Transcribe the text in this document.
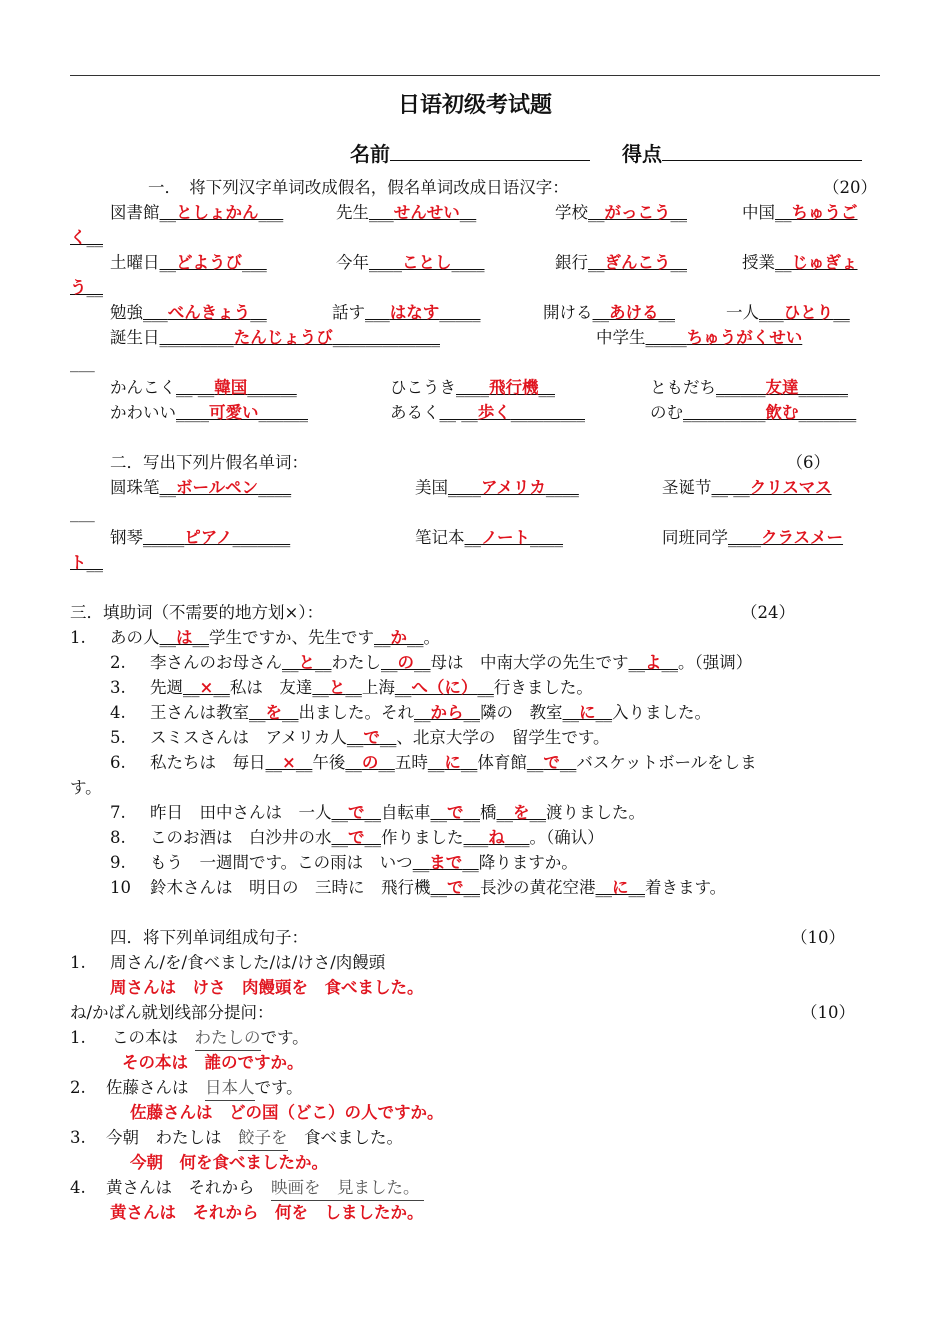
日语初级考试题
名前	得点
一．　将下列汉字单词改成假名，假名单词改成日语汉字：	（20）
図書館__としょかん___	先生___せんせい__	学校__がっこう__	中国__ちゅうご
く__
土曜日__どようび___	今年____ことし____	銀行__ぎんこう__	授業__じゅぎょ
う__
勉強___べんきょう__	話す___はなす_____	開ける__あける__	一人___ひとり__
誕生日_________たんじょうび_____________	中学生_____ちゅうがくせい
___
かんこく__ __韓国______	ひこうき____飛行機__	ともだち______友達______
かわいい____可愛い______	あるく__ __歩く_________	のむ__________飲む_______
二．写出下列片假名单词：	（6）
圆珠笔__ボールペン____	美国____アメリカ____	圣诞节__ __クリスマス
___
钢琴_____ピアノ_______	笔记本__ノート____	同班同学____クラスメー
ト__
三．填助词（不需要的地方划×）：	（24）
1. あの人__は__学生ですか、先生です__か__。
2. 李さんのお母さん__と__わたし__の__母は　中南大学の先生です__よ__。（强调）
3. 先週__×__私は　友達__と__上海__へ（に）__行きました。
4. 王さんは教室__を__出ました。それ__から__隣の　教室__に__入りました。
5. スミスさんは　アメリカ人__で__、北京大学の　留学生です。
6. 私たちは　毎日__×__午後__の__五時__に__体育館__で__バスケットボールをしま
す。
7. 昨日　田中さんは　一人__で__自転車__で__橋__を__渡りました。
8. このお酒は　白沙井の水__で__作りました___ね___。（确认）
9. もう　一週間です。この雨は　いつ__まで__降りますか。
10 鈴木さんは　明日の　三時に　飛行機__で__長沙の黄花空港__に__着きます。
四．将下列单词组成句子：	（10）
1. 周さん/を/食べました/は/けさ/肉饅頭
周さんは　けさ　肉饅頭を　食べました。
ね/かばん就划线部分提问：	（10）
1. この本は　わたしのです。
その本は　誰のですか。
2. 佐藤さんは　日本人です。
佐藤さんは　どの国（どこ）の人ですか。
3. 今朝　わたしは　餃子を　食べました。
今朝　何を食べましたか。
4. 黄さんは　それから　映画を　見ました。
黄さんは　それから　何を　しましたか。
